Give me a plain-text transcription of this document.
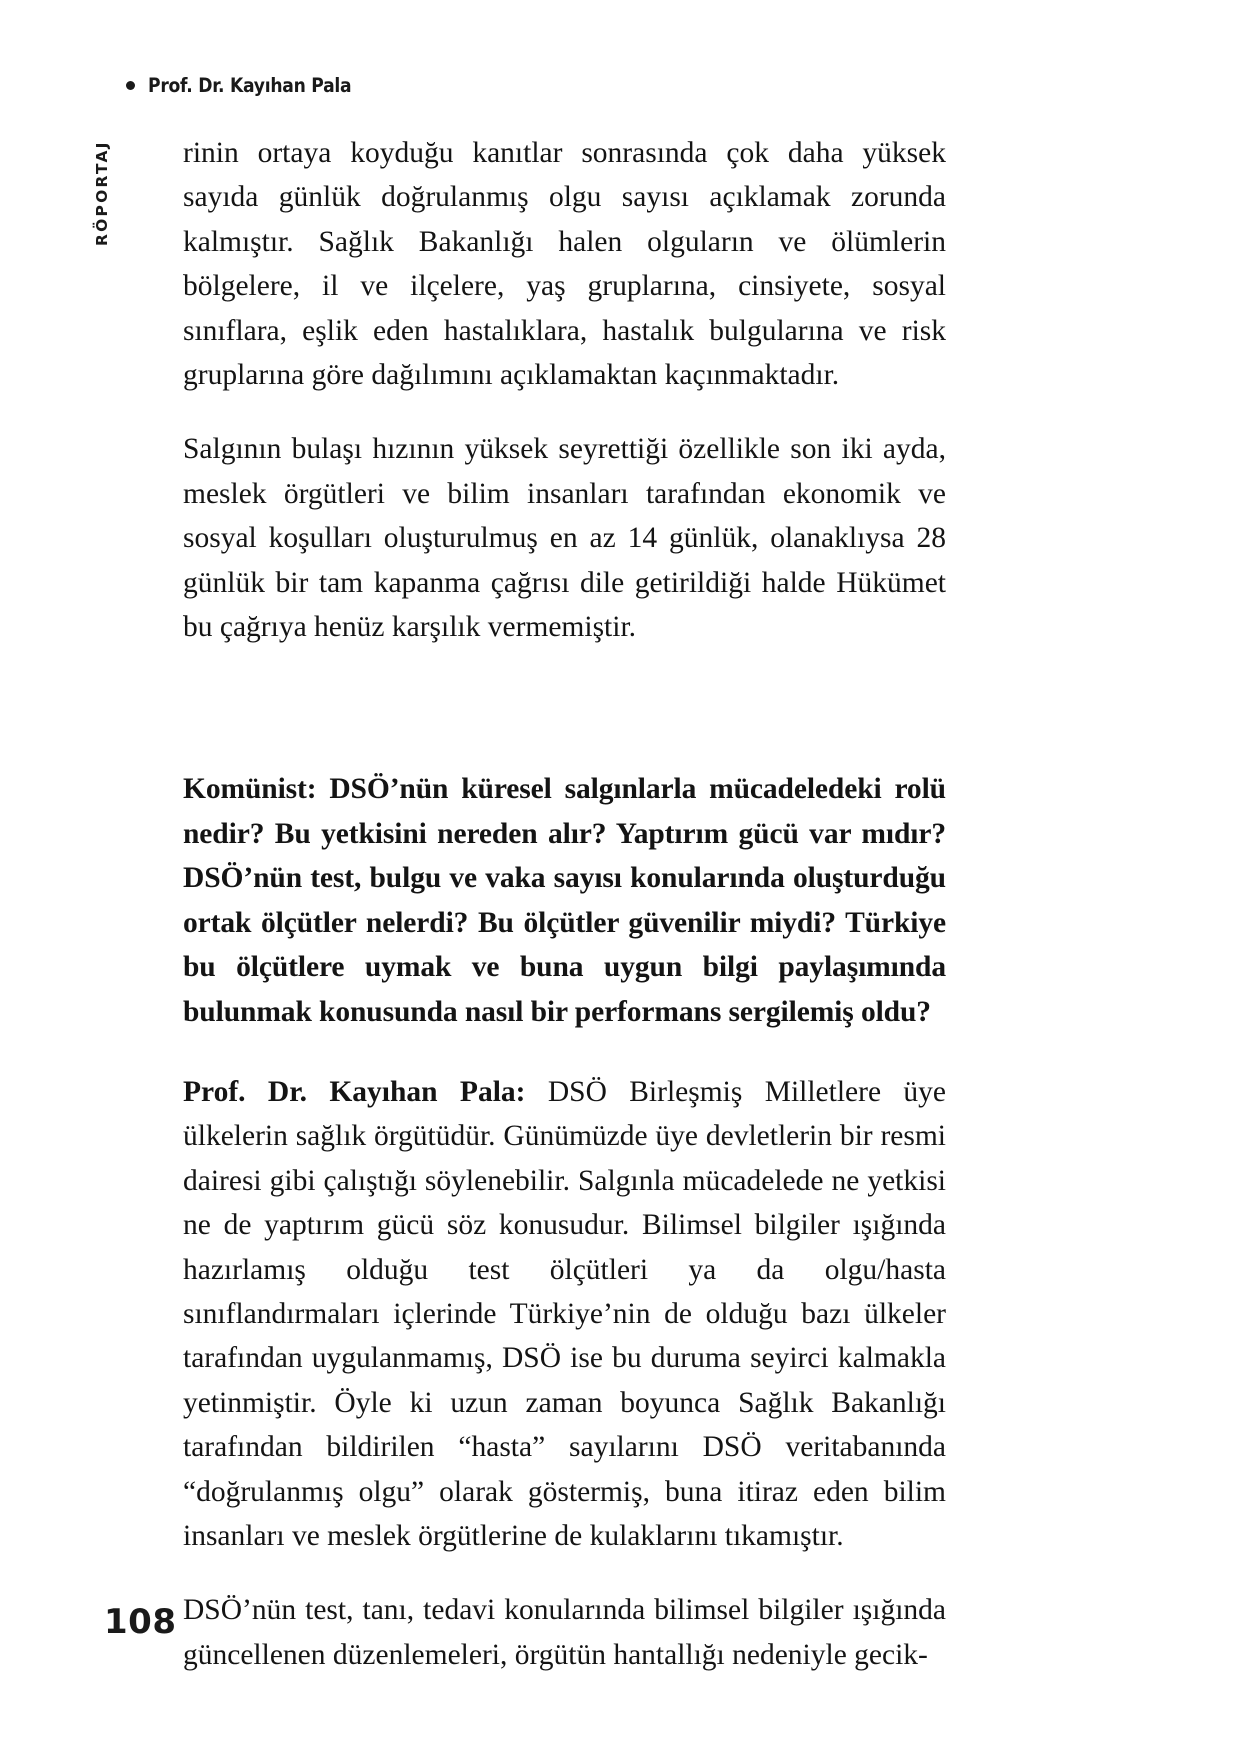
Prof. Dr. Kayıhan Pala
RÖPORTAJ rinin ortaya koyduğu kanıtlar sonrasında çok daha yüksek sayıda günlük doğrulanmış olgu sayısı açıklamak zorunda kalmıştır. Sağlık Bakanlığı halen olguların ve ölümlerin bölgelere, il ve ilçelere, yaş gruplarına, cinsiyete, sosyal sınıflara, eşlik eden hastalıklara, hastalık bulgularına ve risk gruplarına göre dağılımını açıklamaktan kaçınmaktadır.

Salgının bulaşı hızının yüksek seyrettiği özellikle son iki ayda, meslek örgütleri ve bilim insanları tarafından ekonomik ve sosyal koşulları oluşturulmuş en az 14 günlük, olanaklıysa 28 günlük bir tam kapanma çağrısı dile getirildiği halde Hükümet bu çağrıya henüz karşılık vermemiştir.

Komünist: DSÖ’nün küresel salgınlarla mücadeledeki rolü nedir? Bu yetkisini nereden alır? Yaptırım gücü var mıdır? DSÖ’nün test, bulgu ve vaka sayısı konularında oluşturduğu ortak ölçütler nelerdi? Bu ölçütler güvenilir miydi? Türkiye bu ölçütlere uymak ve buna uygun bilgi paylaşımında bulunmak konusunda nasıl bir performans sergilemiş oldu?

Prof. Dr. Kayıhan Pala: DSÖ Birleşmiş Milletlere üye ülkelerin sağlık örgütüdür. Günümüzde üye devletlerin bir resmi dairesi gibi çalıştığı söylenebilir. Salgınla mücadelede ne yetkisi ne de yaptırım gücü söz konusudur. Bilimsel bilgiler ışığında hazırlamış olduğu test ölçütleri ya da olgu/hasta sınıflandırmaları içlerinde Türkiye’nin de olduğu bazı ülkeler tarafından uygulanmamış, DSÖ ise bu duruma seyirci kalmakla yetinmiştir. Öyle ki uzun zaman boyunca Sağlık Bakanlığı tarafından bildirilen “hasta” sayılarını DSÖ veritabanında “doğrulanmış olgu” olarak göstermiş, buna itiraz eden bilim insanları ve meslek örgütlerine de kulaklarını tıkamıştır.

DSÖ’nün test, tanı, tedavi konularında bilimsel bilgiler ışığında güncellenen düzenlemeleri, örgütün hantallığı nedeniyle gecik-

108
